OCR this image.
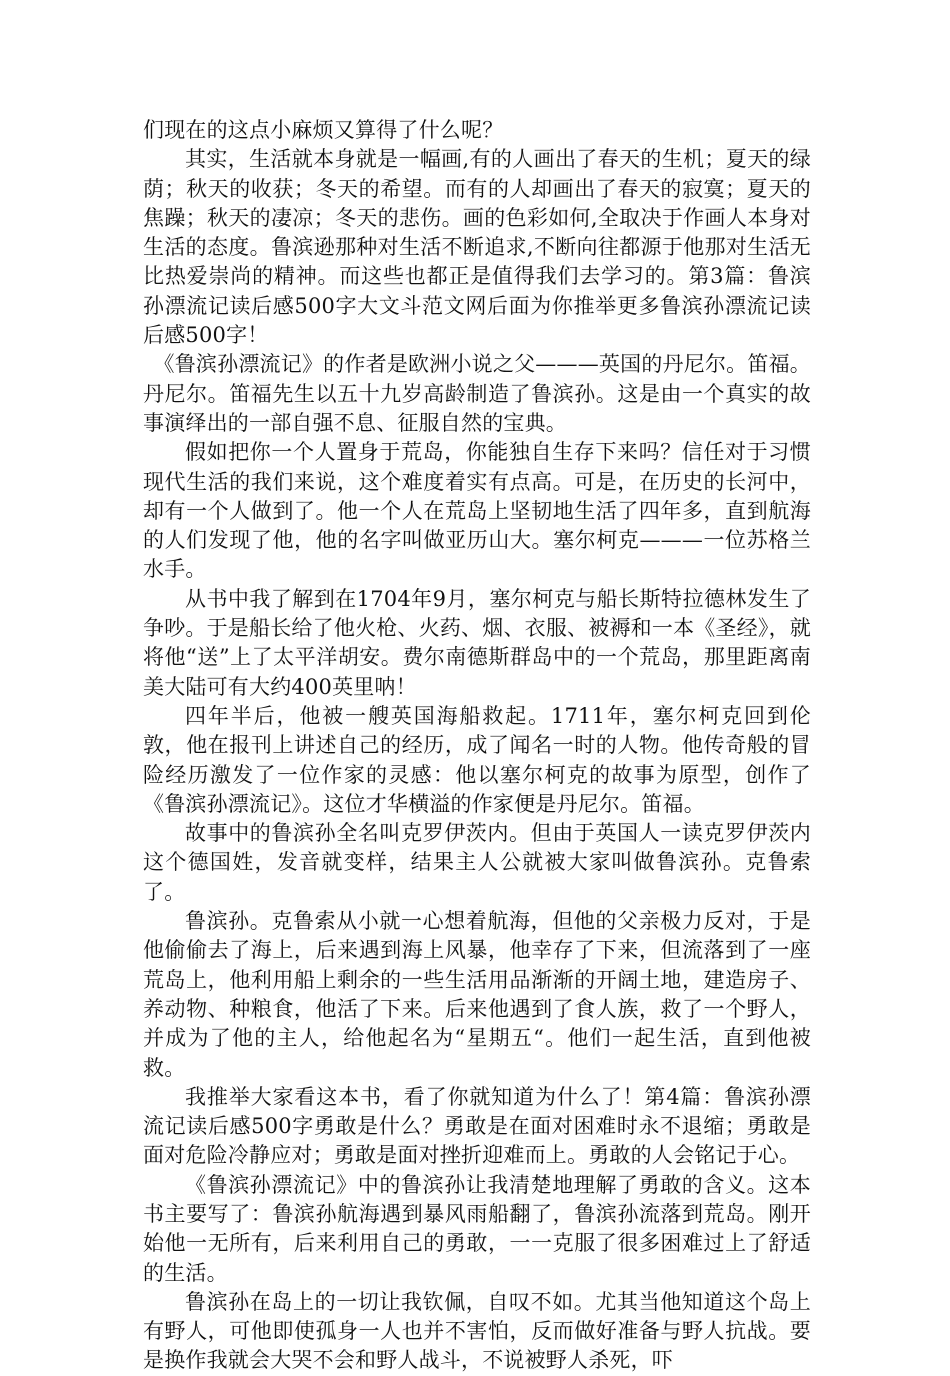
们现在的这点小麻烦又算得了什么呢？

其实，生活就本身就是一幅画,有的人画出了春天的生机；夏天的绿荫；秋天的收获；冬天的希望。而有的人却画出了春天的寂寞；夏天的焦躁；秋天的凄凉；冬天的悲伤。画的色彩如何,全取决于作画人本身对生活的态度。鲁滨逊那种对生活不断追求,不断向往都源于他那对生活无比热爱崇尚的精神。而这些也都正是值得我们去学习的。第3篇：鲁滨孙漂流记读后感500字大文斗范文网后面为你推举更多鲁滨孙漂流记读后感500字！

《鲁滨孙漂流记》的作者是欧洲小说之父———英国的丹尼尔。笛福。丹尼尔。笛福先生以五十九岁高龄制造了鲁滨孙。这是由一个真实的故事演绎出的一部自强不息、征服自然的宝典。

假如把你一个人置身于荒岛，你能独自生存下来吗？信任对于习惯现代生活的我们来说，这个难度着实有点高。可是，在历史的长河中，却有一个人做到了。他一个人在荒岛上坚韧地生活了四年多，直到航海的人们发现了他，他的名字叫做亚历山大。塞尔柯克———一位苏格兰水手。

从书中我了解到在1704年9月，塞尔柯克与船长斯特拉德林发生了争吵。于是船长给了他火枪、火药、烟、衣服、被褥和一本《圣经》，就将他“送”上了太平洋胡安。费尔南德斯群岛中的一个荒岛，那里距离南美大陆可有大约400英里呐！

四年半后，他被一艘英国海船救起。1711年，塞尔柯克回到伦敦，他在报刊上讲述自己的经历，成了闻名一时的人物。他传奇般的冒险经历激发了一位作家的灵感：他以塞尔柯克的故事为原型，创作了《鲁滨孙漂流记》。这位才华横溢的作家便是丹尼尔。笛福。

故事中的鲁滨孙全名叫克罗伊茨内。但由于英国人一读克罗伊茨内这个德国姓，发音就变样，结果主人公就被大家叫做鲁滨孙。克鲁索了。

鲁滨孙。克鲁索从小就一心想着航海，但他的父亲极力反对，于是他偷偷去了海上，后来遇到海上风暴，他幸存了下来，但流落到了一座荒岛上，他利用船上剩余的一些生活用品渐渐的开阔土地，建造房子、养动物、种粮食，他活了下来。后来他遇到了食人族，救了一个野人，并成为了他的主人，给他起名为“星期五“。他们一起生活，直到他被救。

我推举大家看这本书，看了你就知道为什么了！第4篇：鲁滨孙漂流记读后感500字勇敢是什么？勇敢是在面对困难时永不退缩；勇敢是面对危险冷静应对；勇敢是面对挫折迎难而上。勇敢的人会铭记于心。

《鲁滨孙漂流记》中的鲁滨孙让我清楚地理解了勇敢的含义。这本书主要写了：鲁滨孙航海遇到暴风雨船翻了，鲁滨孙流落到荒岛。刚开始他一无所有，后来利用自己的勇敢，一一克服了很多困难过上了舒适的生活。

鲁滨孙在岛上的一切让我钦佩，自叹不如。尤其当他知道这个岛上有野人，可他即使孤身一人也并不害怕，反而做好准备与野人抗战。要是换作我就会大哭不会和野人战斗，不说被野人杀死，吓
